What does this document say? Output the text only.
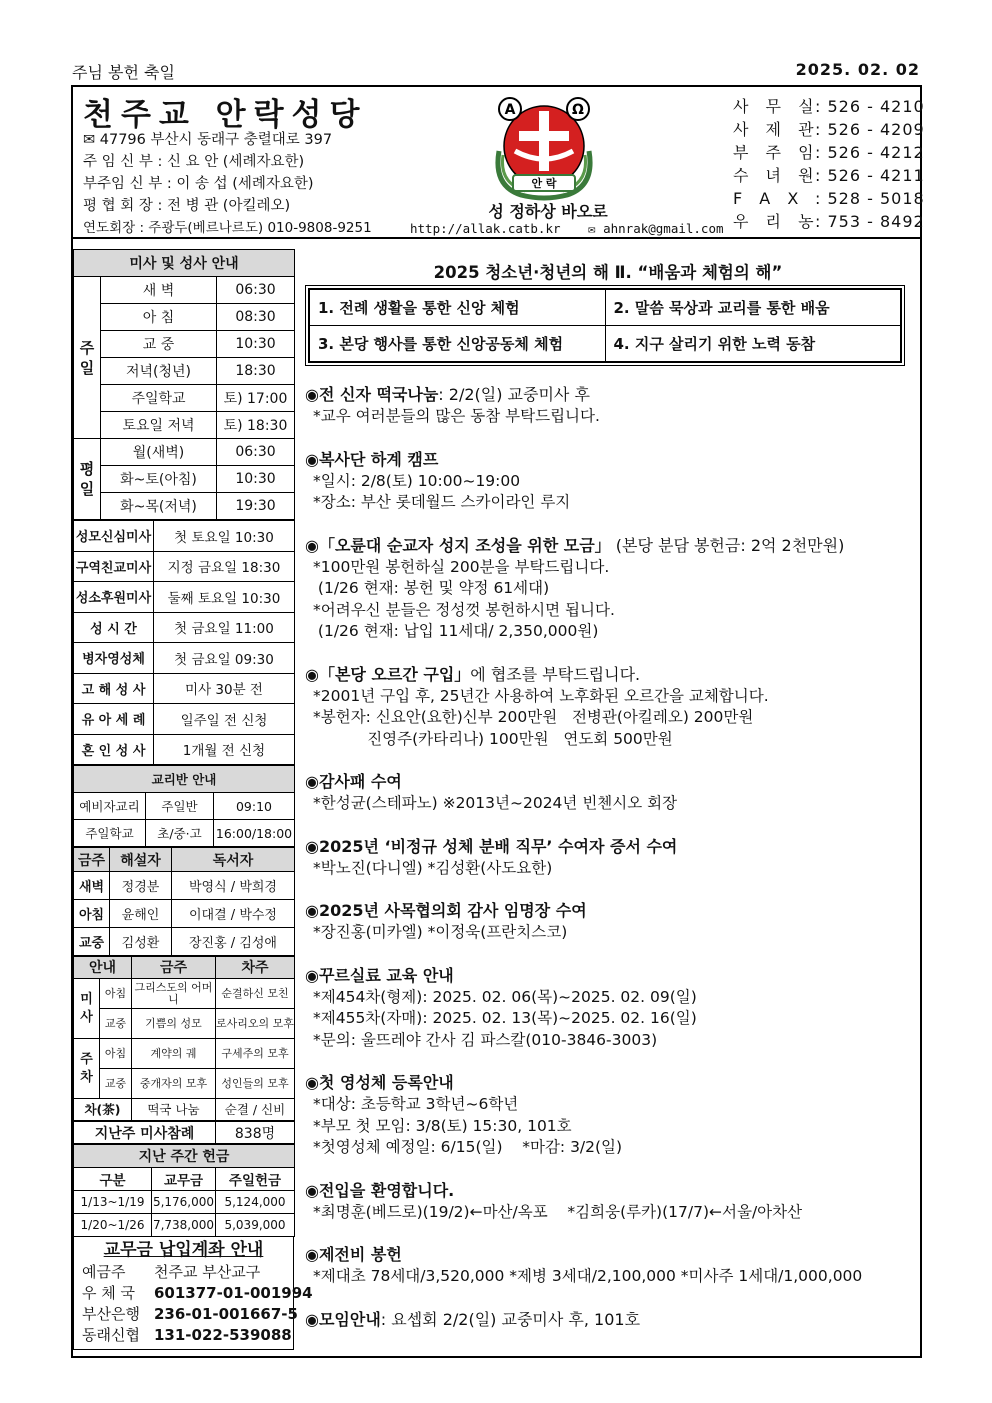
주님 봉헌 축일	2025. 02. 02
천주교 안락성당
✉ 47796 부산시 동래구 충렬대로 397
주 임 신 부 : 신 요 안 (세례자요한)
부주임 신 부 : 이 송 섭 (세례자요한)
평 협 회 장 : 전 병 관 (아킬레오)
연도회장 : 주광두(베르나르도) 010-9808-9251
A	Ω
안 락
성 정하상 바오로
http://allak.catb.kr ✉ ahnrak@gmail.com
사 무 실: 526 - 4210
사 제 관: 526 - 4209
부 주 임: 526 - 4212
수 녀 원: 526 - 4211
F A X : 528 - 5018
우 리 농: 753 - 8492
미사 및 성사 안내		
주 일	새 벽	06:30
	아 침	08:30
	교 중	10:30
	저녁(청년)	18:30
	주일학교	토) 17:00
	토요일 저녁	토) 18:30
평 일	월(새벽)	06:30
	화~토(아침)	10:30
	화~목(저녁)	19:30
성모신심미사	첫 토요일 10:30
구역친교미사	지정 금요일 18:30
성소후원미사	둘째 토요일 10:30
성 시 간	첫 금요일 11:00
병자영성체	첫 금요일 09:30
고 해 성 사	미사 30분 전
유 아 세 례	일주일 전 신청
혼 인 성 사	1개월 전 신청
교리반 안내		
예비자교리	주일반	09:10
주일학교	초/중·고	16:00/18:00
금주	해설자	독서자
새벽	정경분	박영식 / 박희경
아침	윤해인	이대결 / 박수정
교중	김성환	장진홍 / 김성애
안내		금주	차주
미 사	아침	그리스도의 어머니	순결하신 모친
	교중	기쁨의 성모	로사리오의 모후
주 차	아침	계약의 궤	구세주의 모후
	교중	중개자의 모후	성인들의 모후
차(茶)		떡국 나눔	순결 / 신비
지난주 미사참례	838명
지난 주간 헌금		
구분	교무금	주일헌금
1/13~1/19	5,176,000	5,124,000
1/20~1/26	7,738,000	5,039,000
교무금 납입계좌 안내
예금주 천주교 부산교구
우 체 국 601377-01-001994
부산은행 236-01-001667-5
동래신협 131-022-539088
2025 청소년·청년의 해 Ⅱ. “배움과 체험의 해”
1. 전례 생활을 통한 신앙 체험	2. 말씀 묵상과 교리를 통한 배움
3. 본당 행사를 통한 신앙공동체 체험	4. 지구 살리기 위한 노력 동참
◉전 신자 떡국나눔: 2/2(일) 교중미사 후
*교우 여러분들의 많은 동참 부탁드립니다.
◉복사단 하계 캠프
*일시: 2/8(토) 10:00~19:00
*장소: 부산 롯데월드 스카이라인 루지
◉「오륜대 순교자 성지 조성을 위한 모금」 (본당 분담 봉헌금: 2억 2천만원)
*100만원 봉헌하실 200분을 부탁드립니다.
(1/26 현재: 봉헌 및 약정 61세대)
*어려우신 분들은 정성껏 봉헌하시면 됩니다.
(1/26 현재: 납입 11세대/ 2,350,000원)
◉「본당 오르간 구입」에 협조를 부탁드립니다.
*2001년 구입 후, 25년간 사용하여 노후화된 오르간을 교체합니다.
*봉헌자: 신요안(요한)신부 200만원   전병관(아킬레오) 200만원
진영주(카타리나) 100만원   연도회 500만원
◉감사패 수여
*한성균(스테파노) ※2013년~2024년 빈첸시오 회장
◉2025년 ‘비정규 성체 분배 직무’ 수여자 증서 수여
*박노진(다니엘) *김성환(사도요한)
◉2025년 사목협의회 감사 임명장 수여
*장진홍(미카엘) *이정욱(프란치스코)
◉꾸르실료 교육 안내
*제454차(형제): 2025. 02. 06(목)~2025. 02. 09(일)
*제455차(자매): 2025. 02. 13(목)~2025. 02. 16(일)
*문의: 울뜨레야 간사 김 파스칼(010-3846-3003)
◉첫 영성체 등록안내
*대상: 초등학교 3학년~6학년
*부모 첫 모임: 3/8(토) 15:30, 101호
*첫영성체 예정일: 6/15(일)    *마감: 3/2(일)
◉전입을 환영합니다.
*최명훈(베드로)(19/2)←마산/옥포    *김희웅(루카)(17/7)←서울/아차산
◉제전비 봉헌
*제대초 78세대/3,520,000 *제병 3세대/2,100,000 *미사주 1세대/1,000,000
◉모임안내: 요셉회 2/2(일) 교중미사 후, 101호
